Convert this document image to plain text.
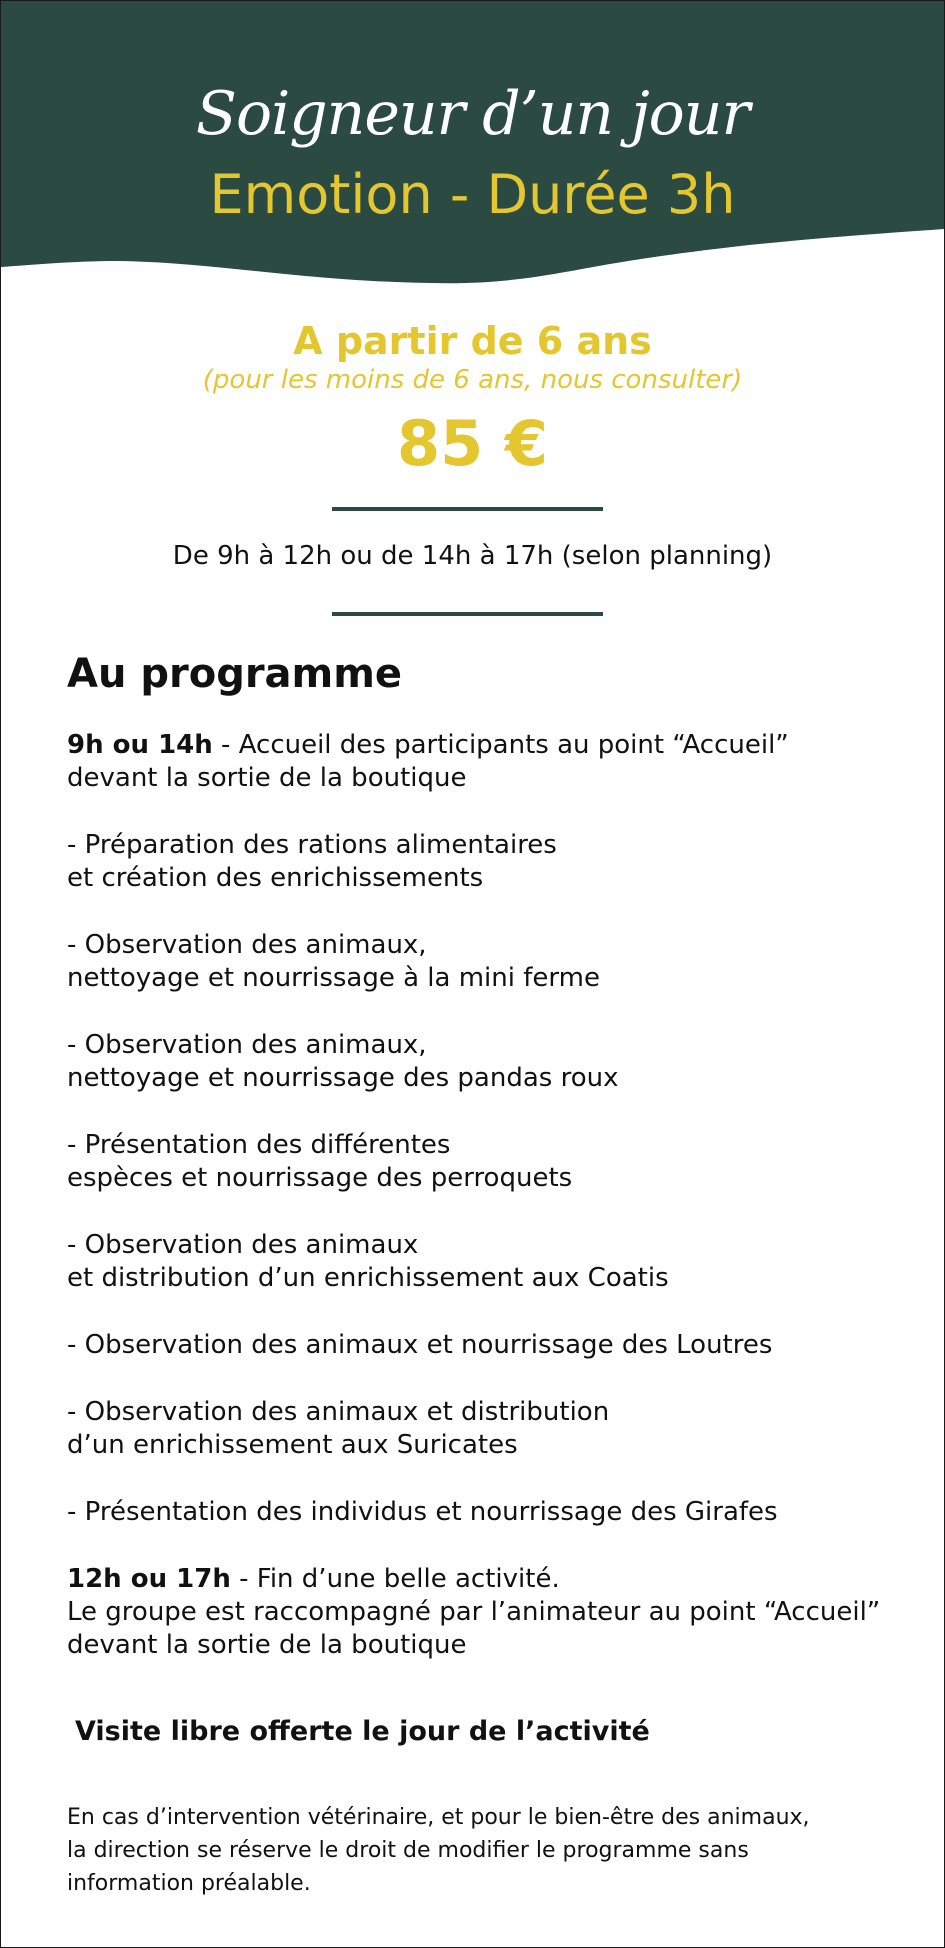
Soigneur d’un jour
Emotion - Durée 3h
A partir de 6 ans
(pour les moins de 6 ans, nous consulter)
85 €
De 9h à 12h ou de 14h à 17h (selon planning)
Au programme
9h ou 14h - Accueil des participants au point “Accueil”
devant la sortie de la boutique
- Préparation des rations alimentaires
et création des enrichissements
- Observation des animaux,
nettoyage et nourrissage à la mini ferme
- Observation des animaux,
nettoyage et nourrissage des pandas roux
- Présentation des différentes
espèces et nourrissage des perroquets
- Observation des animaux
et distribution d’un enrichissement aux Coatis
- Observation des animaux et nourrissage des Loutres
- Observation des animaux et distribution
d’un enrichissement aux Suricates
- Présentation des individus et nourrissage des Girafes
12h ou 17h - Fin d’une belle activité.
Le groupe est raccompagné par l’animateur au point “Accueil”
devant la sortie de la boutique
Visite libre offerte le jour de l’activité
En cas d’intervention vétérinaire, et pour le bien-être des animaux,
la direction se réserve le droit de modifier le programme sans
information préalable.
